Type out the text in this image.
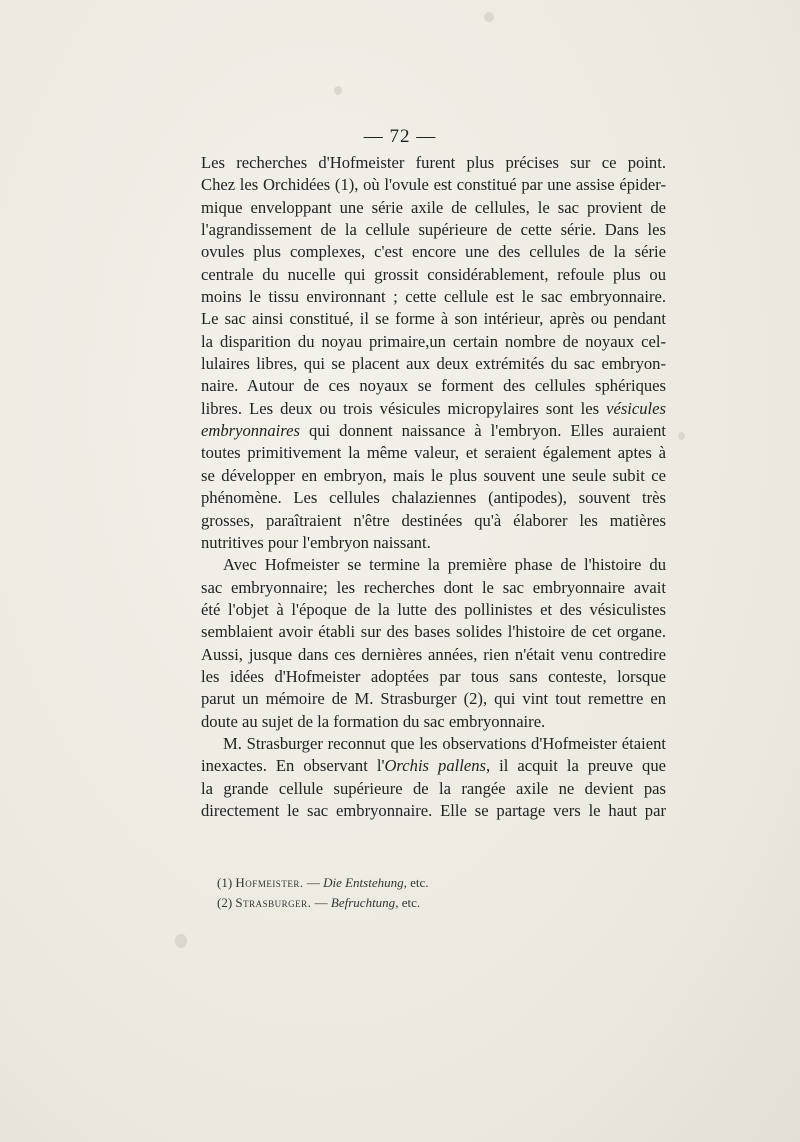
— 72 —
Les recherches d'Hofmeister furent plus précises sur ce point.
Chez les Orchidées (1), où l'ovule est constitué par une assise épider-
mique enveloppant une série axile de cellules, le sac provient de
l'agrandissement de la cellule supérieure de cette série. Dans les
ovules plus complexes, c'est encore une des cellules de la série
centrale du nucelle qui grossit considérablement, refoule plus ou
moins le tissu environnant ; cette cellule est le sac embryonnaire.
Le sac ainsi constitué, il se forme à son intérieur, après ou pendant
la disparition du noyau primaire,un certain nombre de noyaux cel-
lulaires libres, qui se placent aux deux extrémités du sac embryon-
naire. Autour de ces noyaux se forment des cellules sphériques
libres. Les deux ou trois vésicules micropylaires sont les vésicules
embryonnaires qui donnent naissance à l'embryon. Elles auraient
toutes primitivement la même valeur, et seraient également aptes à
se développer en embryon, mais le plus souvent une seule subit ce
phénomène. Les cellules chalaziennes (antipodes), souvent très
grosses, paraîtraient n'être destinées qu'à élaborer les matières
nutritives pour l'embryon naissant.
Avec Hofmeister se termine la première phase de l'histoire du
sac embryonnaire; les recherches dont le sac embryonnaire avait
été l'objet à l'époque de la lutte des pollinistes et des vésiculistes
semblaient avoir établi sur des bases solides l'histoire de cet organe.
Aussi, jusque dans ces dernières années, rien n'était venu contredire
les idées d'Hofmeister adoptées par tous sans conteste, lorsque
parut un mémoire de M. Strasburger (2), qui vint tout remettre en
doute au sujet de la formation du sac embryonnaire.
M. Strasburger reconnut que les observations d'Hofmeister étaient
inexactes. En observant l'Orchis pallens, il acquit la preuve que
la grande cellule supérieure de la rangée axile ne devient pas
directement le sac embryonnaire. Elle se partage vers le haut par
(1) Hofmeister. — Die Entstehung, etc.
(2) Strasburger. — Befruchtung, etc.
